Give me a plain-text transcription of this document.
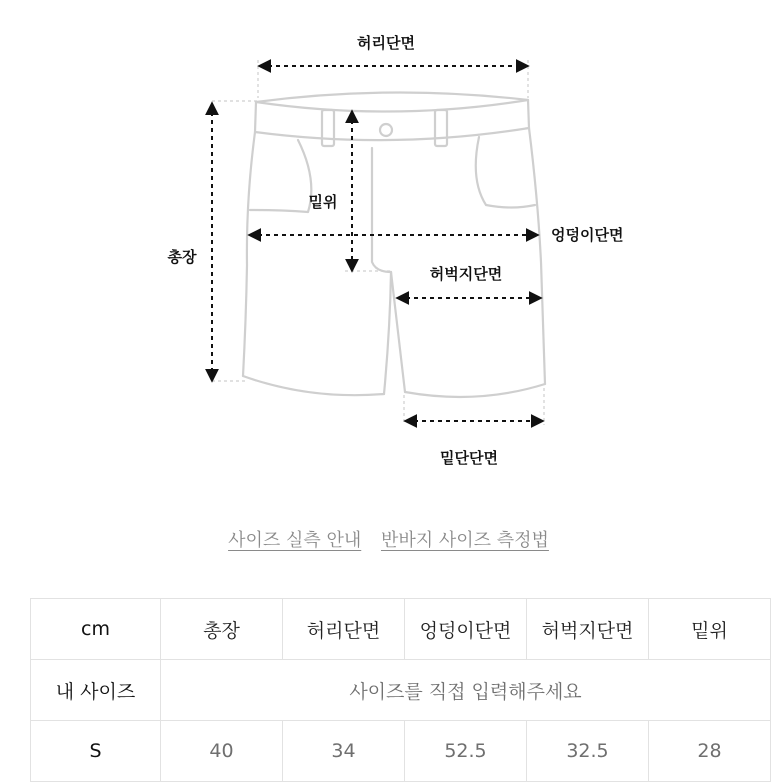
허리단면
밑위
엉덩이단면
총장
허벅지단면
밑단단면
사이즈 실측 안내 반바지 사이즈 측정법
cm	총장	허리단면	엉덩이단면	허벅지단면	밑위
내 사이즈	사이즈를 직접 입력해주세요				
S	40	34	52.5	32.5	28
